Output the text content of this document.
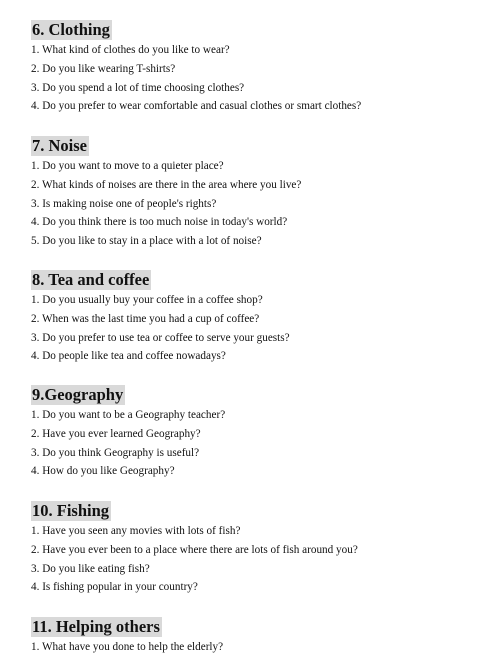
6. Clothing
1. What kind of clothes do you like to wear?
2. Do you like wearing T-shirts?
3. Do you spend a lot of time choosing clothes?
4. Do you prefer to wear comfortable and casual clothes or smart clothes?
7. Noise
1. Do you want to move to a quieter place?
2. What kinds of noises are there in the area where you live?
3. Is making noise one of people's rights?
4. Do you think there is too much noise in today's world?
5. Do you like to stay in a place with a lot of noise?
8. Tea and coffee
1. Do you usually buy your coffee in a coffee shop?
2. When was the last time you had a cup of coffee?
3. Do you prefer to use tea or coffee to serve your guests?
4. Do people like tea and coffee nowadays?
9.Geography
1. Do you want to be a Geography teacher?
2. Have you ever learned Geography?
3. Do you think Geography is useful?
4. How do you like Geography?
10. Fishing
1. Have you seen any movies with lots of fish?
2. Have you ever been to a place where there are lots of fish around you?
3. Do you like eating fish?
4. Is fishing popular in your country?
11. Helping others
1. What have you done to help the elderly?
